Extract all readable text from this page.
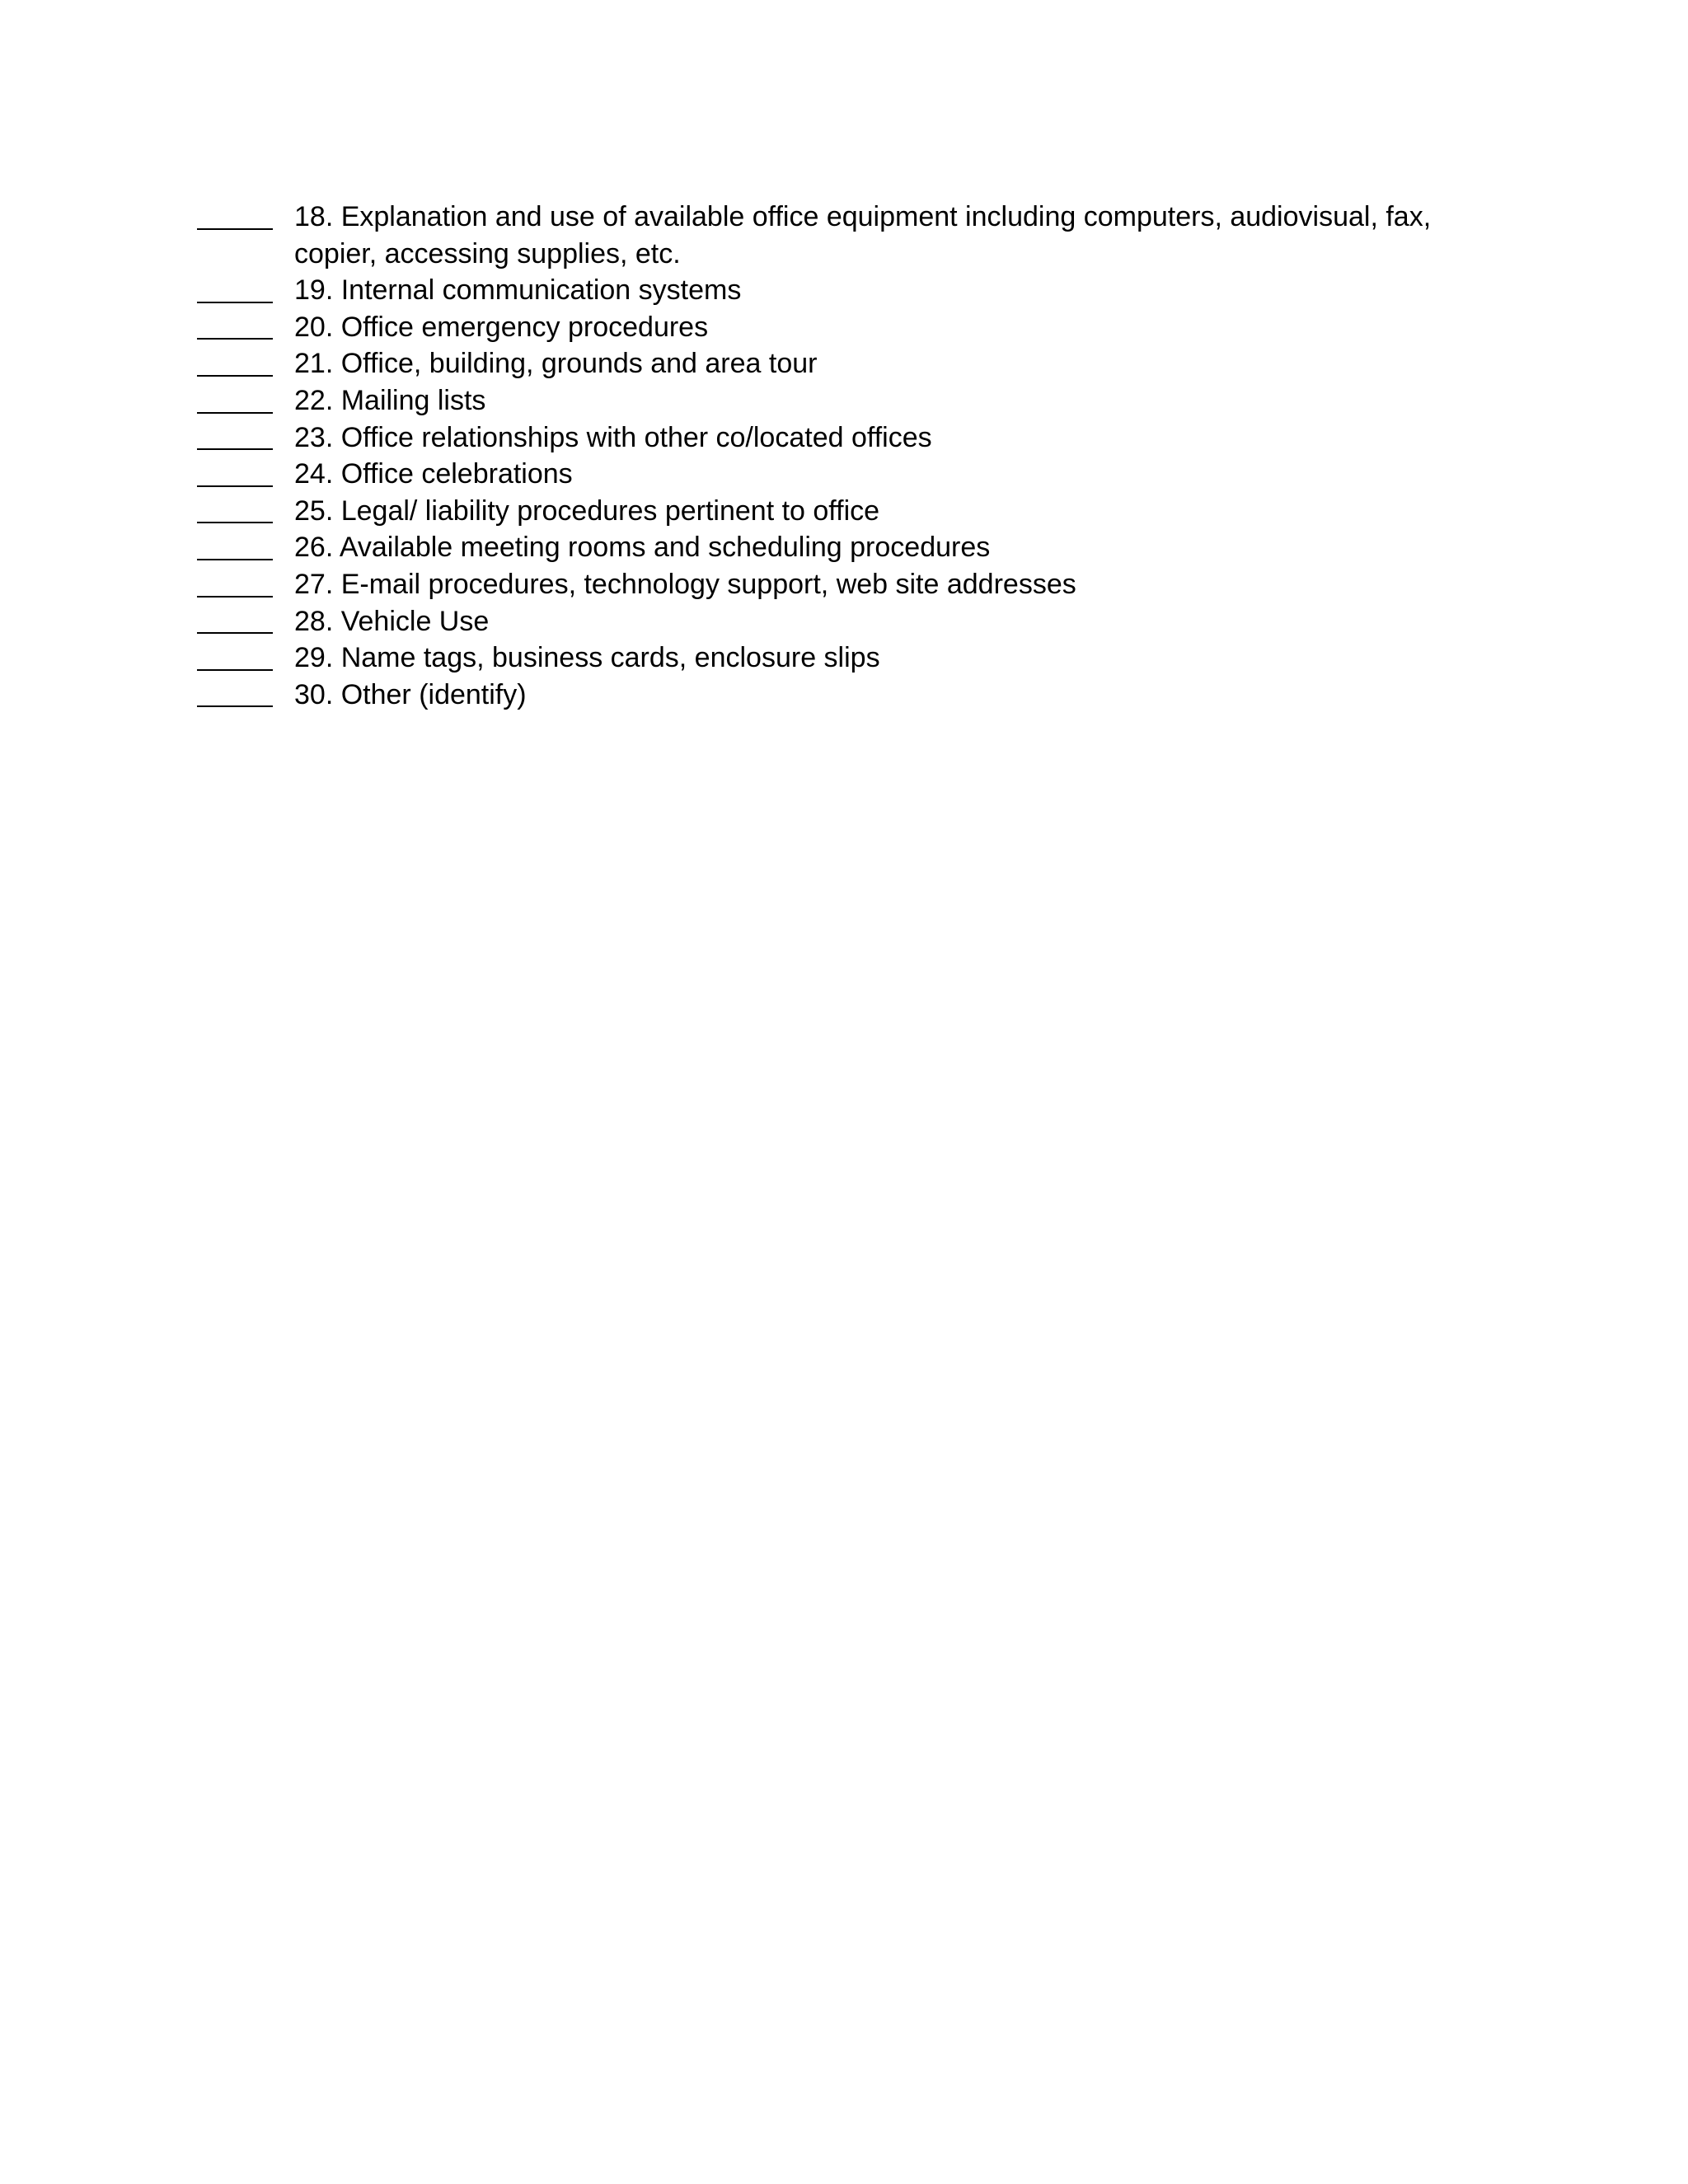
18. Explanation and use of available office equipment including computers, audiovisual, fax,
copier, accessing supplies, etc.
19. Internal communication systems
20. Office emergency procedures
21. Office, building, grounds and area tour
22. Mailing lists
23. Office relationships with other co/located offices
24. Office celebrations
25. Legal/ liability procedures pertinent to office
26. Available meeting rooms and scheduling procedures
27. E-mail procedures, technology support, web site addresses
28. Vehicle Use
29. Name tags, business cards, enclosure slips
30. Other (identify)
